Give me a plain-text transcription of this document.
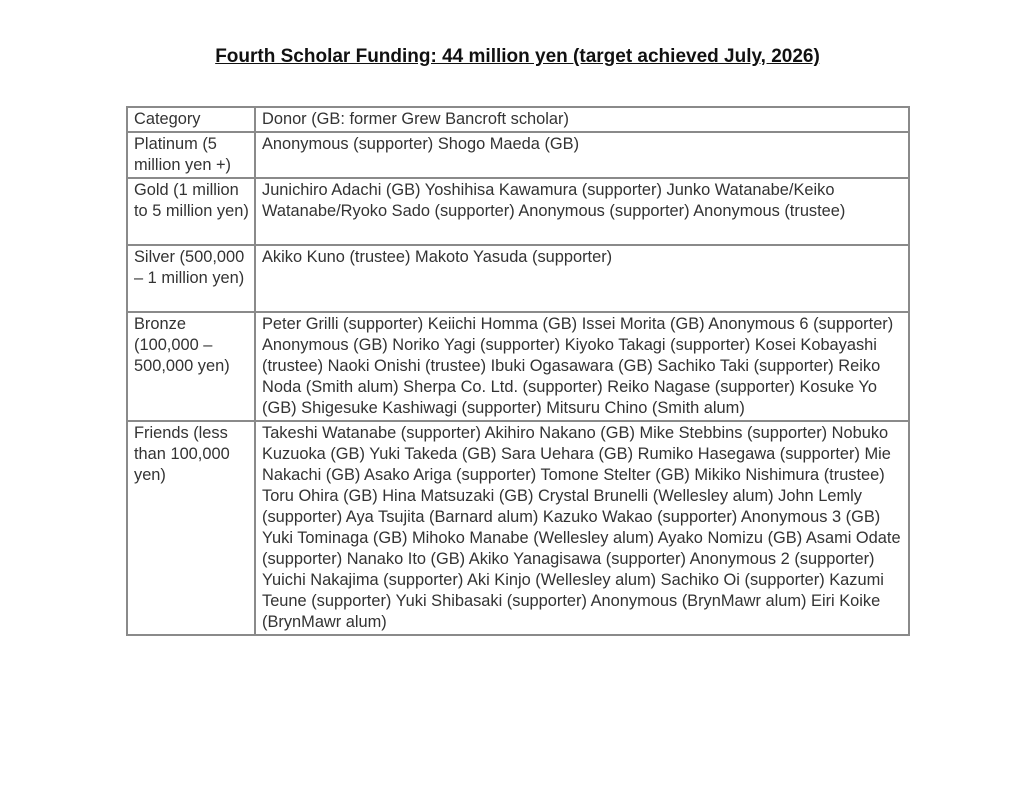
Fourth Scholar Funding: 44 million yen (target achieved July, 2026)
Category	Donor (GB: former Grew Bancroft scholar)
Platinum (5 million yen +)	Anonymous (supporter) Shogo Maeda (GB)
Gold (1 million to 5 million yen)	Junichiro Adachi (GB) Yoshihisa Kawamura (supporter) Junko Watanabe/Keiko Watanabe/Ryoko Sado (supporter) Anonymous (supporter) Anonymous (trustee)
Silver (500,000 – 1 million yen)	Akiko Kuno (trustee) Makoto Yasuda (supporter)
Bronze (100,000 – 500,000 yen)	Peter Grilli (supporter) Keiichi Homma (GB) Issei Morita (GB) Anonymous 6 (supporter) Anonymous (GB) Noriko Yagi (supporter) Kiyoko Takagi (supporter) Kosei Kobayashi (trustee) Naoki Onishi (trustee) Ibuki Ogasawara (GB) Sachiko Taki (supporter) Reiko Noda (Smith alum) Sherpa Co. Ltd. (supporter) Reiko Nagase (supporter) Kosuke Yo (GB) Shigesuke Kashiwagi (supporter) Mitsuru Chino (Smith alum)
Friends (less than 100,000 yen)	Takeshi Watanabe (supporter) Akihiro Nakano (GB) Mike Stebbins (supporter) Nobuko Kuzuoka (GB) Yuki Takeda (GB) Sara Uehara (GB) Rumiko Hasegawa (supporter) Mie Nakachi (GB) Asako Ariga (supporter) Tomone Stelter (GB) Mikiko Nishimura (trustee) Toru Ohira (GB) Hina Matsuzaki (GB) Crystal Brunelli (Wellesley alum) John Lemly (supporter) Aya Tsujita (Barnard alum) Kazuko Wakao (supporter) Anonymous 3 (GB) Yuki Tominaga (GB) Mihoko Manabe (Wellesley alum) Ayako Nomizu (GB) Asami Odate (supporter) Nanako Ito (GB) Akiko Yanagisawa (supporter) Anonymous 2 (supporter) Yuichi Nakajima (supporter) Aki Kinjo (Wellesley alum) Sachiko Oi (supporter) Kazumi Teune (supporter) Yuki Shibasaki (supporter) Anonymous (BrynMawr alum) Eiri Koike (BrynMawr alum)
